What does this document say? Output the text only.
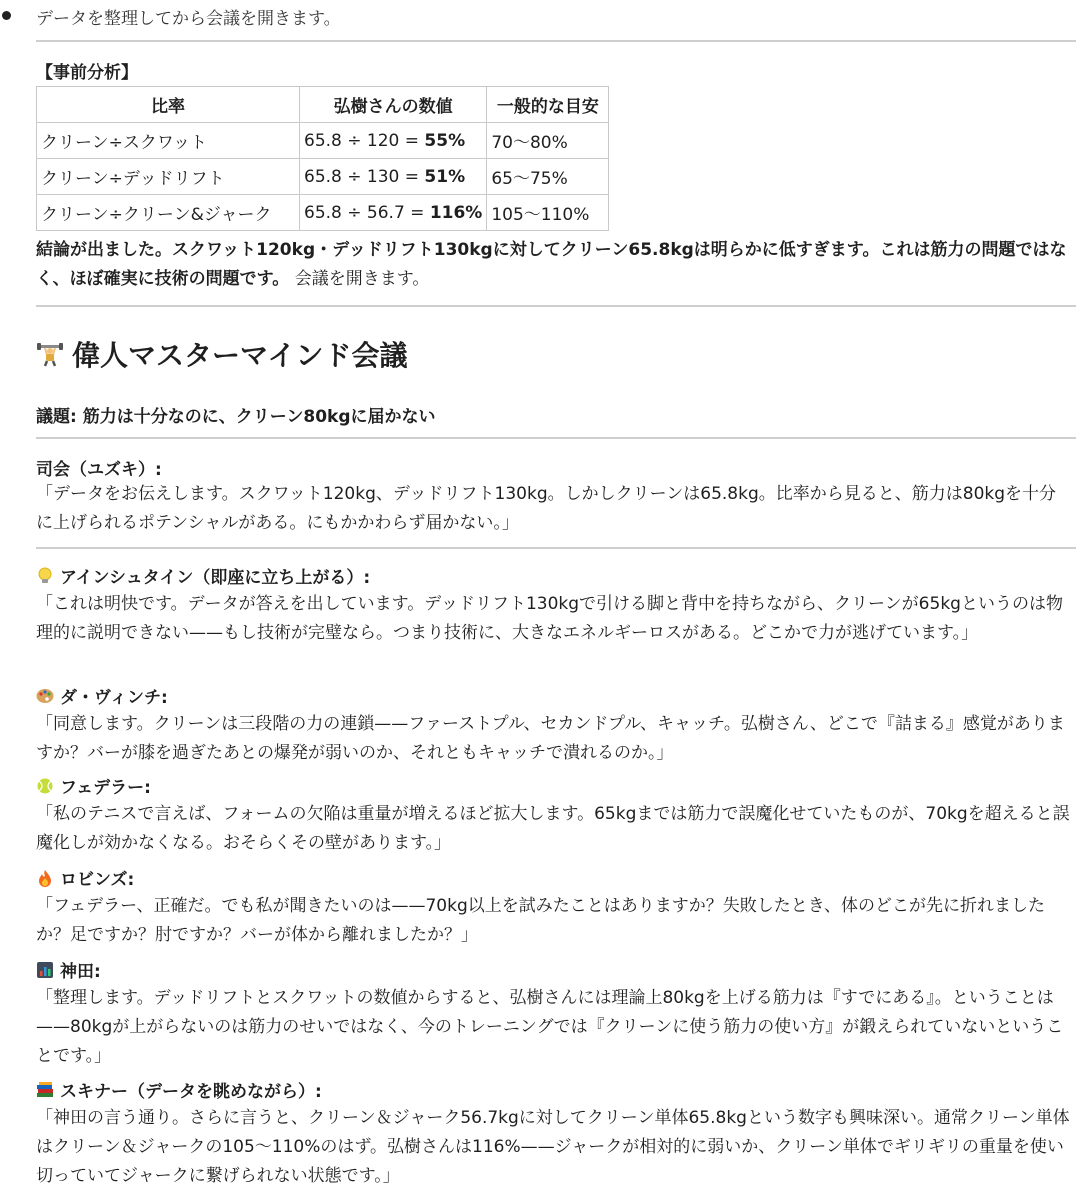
データを整理してから会議を開きます。
【事前分析】
比率	弘樹さんの数値	一般的な目安
クリーン÷スクワット	65.8 ÷ 120 = 55%	70〜80%
クリーン÷デッドリフト	65.8 ÷ 130 = 51%	65〜75%
クリーン÷クリーン&ジャーク	65.8 ÷ 56.7 = 116%	105〜110%
結論が出ました。スクワット120kg・デッドリフト130kgに対してクリーン65.8kgは明らかに低すぎます。これは筋力の問題ではなく、ほぼ確実に技術の問題です。 会議を開きます。
偉人マスターマインド会議
議題: 筋力は十分なのに、クリーン80kgに届かない
司会（ユズキ）:
「データをお伝えします。スクワット120kg、デッドリフト130kg。しかしクリーンは65.8kg。比率から見ると、筋力は80kgを十分に上げられるポテンシャルがある。にもかかわらず届かない。」
アインシュタイン（即座に立ち上がる）:
「これは明快です。データが答えを出しています。デッドリフト130kgで引ける脚と背中を持ちながら、クリーンが65kgというのは物理的に説明できない——もし技術が完璧なら。つまり技術に、大きなエネルギーロスがある。どこかで力が逃げています。」
ダ・ヴィンチ:
「同意します。クリーンは三段階の力の連鎖——ファーストプル、セカンドプル、キャッチ。弘樹さん、どこで『詰まる』感覚がありますか？バーが膝を過ぎたあとの爆発が弱いのか、それともキャッチで潰れるのか。」
フェデラー:
「私のテニスで言えば、フォームの欠陥は重量が増えるほど拡大します。65kgまでは筋力で誤魔化せていたものが、70kgを超えると誤魔化しが効かなくなる。おそらくその壁があります。」
ロビンズ:
「フェデラー、正確だ。でも私が聞きたいのは——70kg以上を試みたことはありますか？失敗したとき、体のどこが先に折れましたか？足ですか？肘ですか？バーが体から離れましたか？」
神田:
「整理します。デッドリフトとスクワットの数値からすると、弘樹さんには理論上80kgを上げる筋力は『すでにある』。ということは——80kgが上がらないのは筋力のせいではなく、今のトレーニングでは『クリーンに使う筋力の使い方』が鍛えられていないということです。」
スキナー（データを眺めながら）:
「神田の言う通り。さらに言うと、クリーン＆ジャーク56.7kgに対してクリーン単体65.8kgという数字も興味深い。通常クリーン単体はクリーン＆ジャークの105〜110%のはず。弘樹さんは116%——ジャークが相対的に弱いか、クリーン単体でギリギリの重量を使い切っていてジャークに繋げられない状態です。」
